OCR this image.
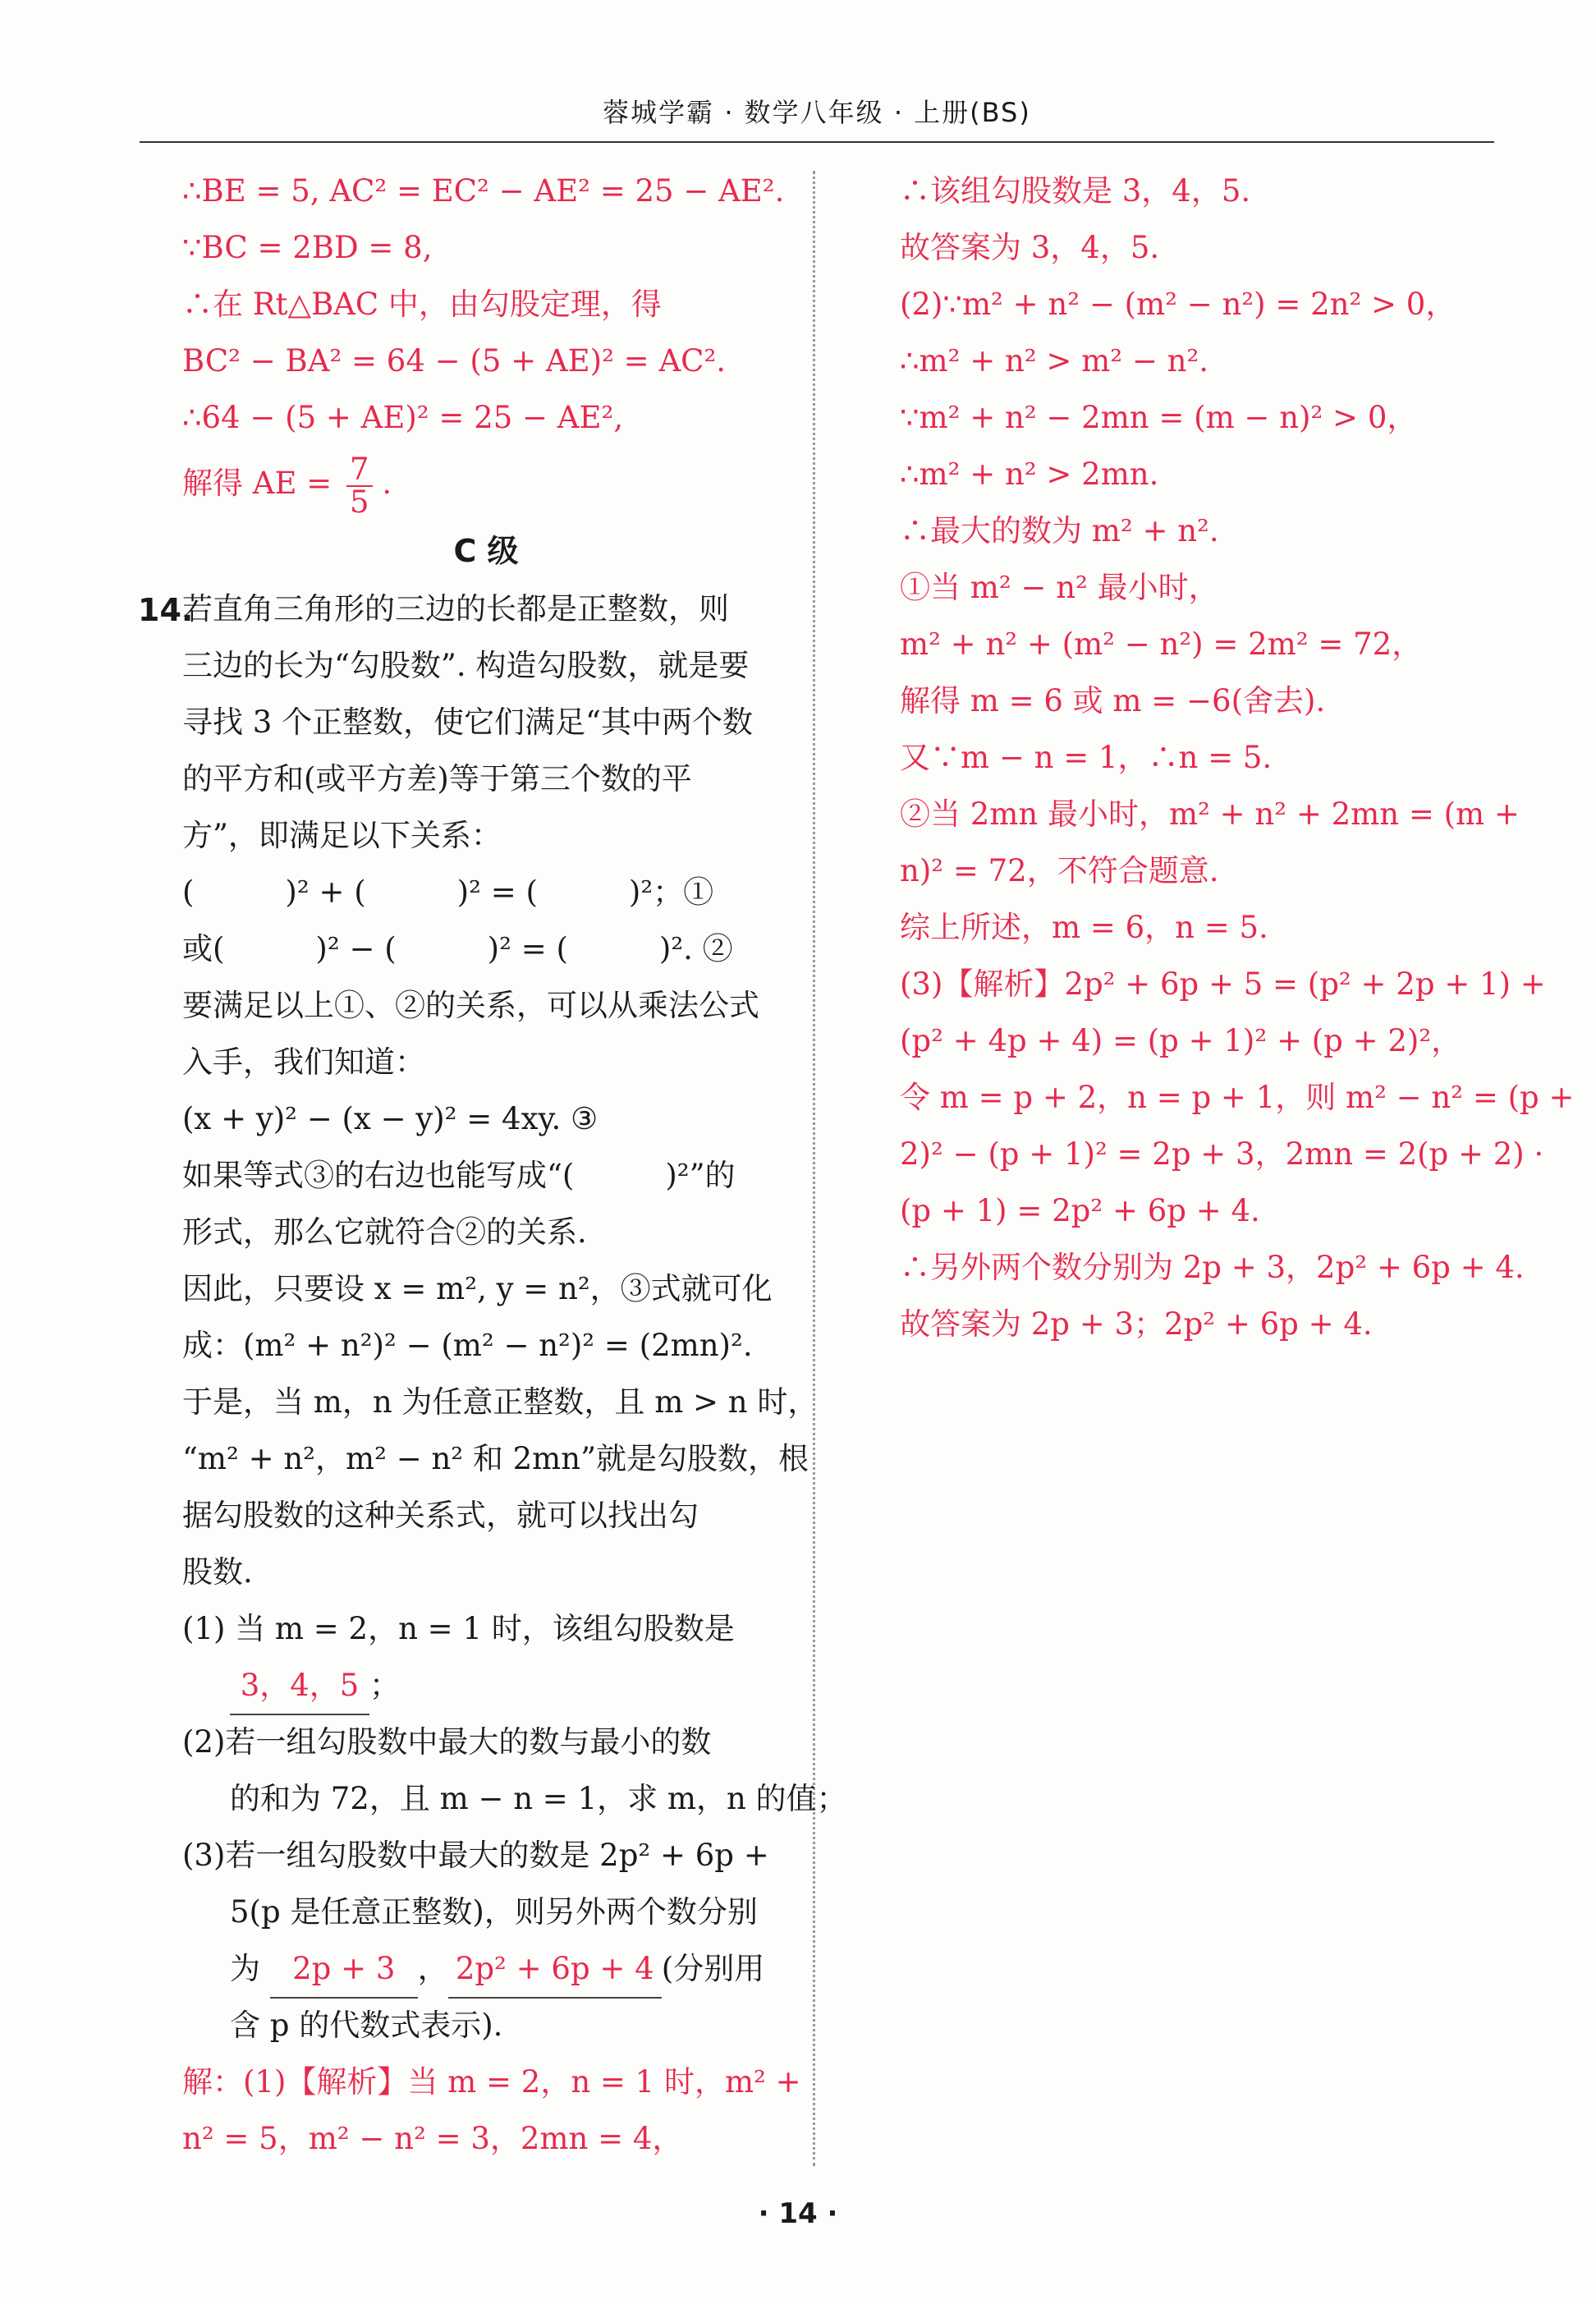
蓉城学霸 · 数学八年级 · 上册(BS)
∴BE = 5, AC² = EC² − AE² = 25 − AE².
∵BC = 2BD = 8,
∴在 Rt△BAC 中，由勾股定理，得
BC² − BA² = 64 − (5 + AE)² = AC².
∴64 − (5 + AE)² = 25 − AE²,
解得 AE = $\frac{7}{5}$ .
C 级
14.
若直角三角形的三边的长都是正整数，则
三边的长为“勾股数”. 构造勾股数，就是要
寻找 3 个正整数，使它们满足“其中两个数
的平方和(或平方差)等于第三个数的平
方”，即满足以下关系：
(　　　)² + (　　　)² = (　　　)²；①
或(　　　)² − (　　　)² = (　　　)². ②
要满足以上①、②的关系，可以从乘法公式
入手，我们知道：
(x + y)² − (x − y)² = 4xy. ③
如果等式③的右边也能写成“(　　　)²”的
形式，那么它就符合②的关系.
因此，只要设 x = m², y = n²，③式就可化
成：(m² + n²)² − (m² − n²)² = (2mn)².
于是，当 m，n 为任意正整数，且 m > n 时，
“m² + n²，m² − n² 和 2mn”就是勾股数，根
据勾股数的这种关系式，就可以找出勾
股数.
(1) 当 m = 2，n = 1 时，该组勾股数是
3，4，5 ；
(2)若一组勾股数中最大的数与最小的数
的和为 72，且 m − n = 1，求 m，n 的值；
(3)若一组勾股数中最大的数是 2p² + 6p +
5(p 是任意正整数)，则另外两个数分别
为 2p + 3 ， 2p² + 6p + 4 (分别用
含 p 的代数式表示).
解：(1)【解析】当 m = 2，n = 1 时，m² +
n² = 5，m² − n² = 3，2mn = 4，
∴该组勾股数是 3，4，5.
故答案为 3，4，5.
(2)∵m² + n² − (m² − n²) = 2n² > 0，
∴m² + n² > m² − n².
∵m² + n² − 2mn = (m − n)² > 0，
∴m² + n² > 2mn.
∴最大的数为 m² + n².
①当 m² − n² 最小时，
m² + n² + (m² − n²) = 2m² = 72，
解得 m = 6 或 m = −6(舍去).
又∵m − n = 1，∴n = 5.
②当 2mn 最小时，m² + n² + 2mn = (m +
n)² = 72，不符合题意.
综上所述，m = 6，n = 5.
(3)【解析】2p² + 6p + 5 = (p² + 2p + 1) +
(p² + 4p + 4) = (p + 1)² + (p + 2)²，
令 m = p + 2，n = p + 1，则 m² − n² = (p +
2)² − (p + 1)² = 2p + 3，2mn = 2(p + 2) ·
(p + 1) = 2p² + 6p + 4.
∴另外两个数分别为 2p + 3，2p² + 6p + 4.
故答案为 2p + 3；2p² + 6p + 4.
· 14 ·
